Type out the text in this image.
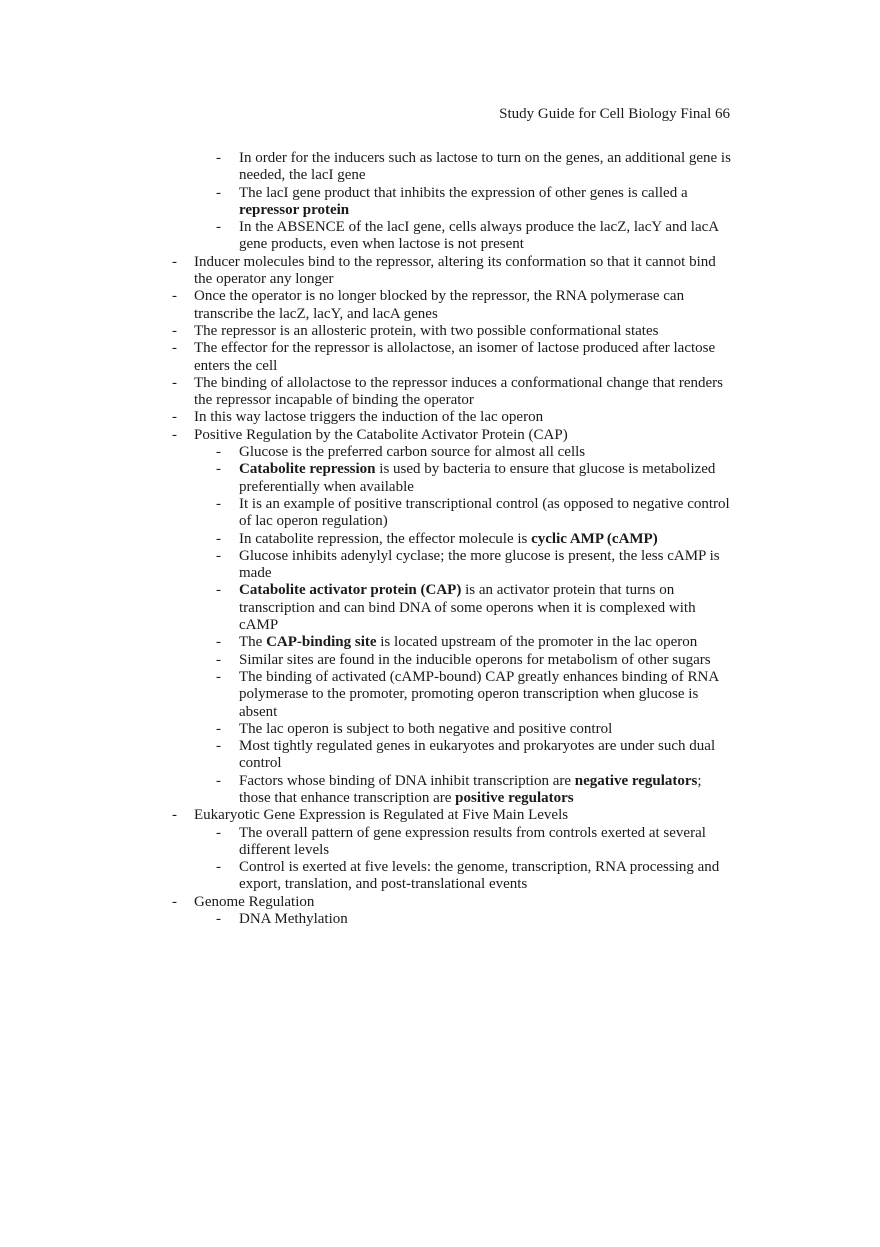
Study Guide for Cell Biology Final 66
- In order for the inducers such as lactose to turn on the genes, an additional gene is needed, the lacI gene
- The lacI gene product that inhibits the expression of other genes is called a repressor protein
- In the ABSENCE of the lacI gene, cells always produce the lacZ, lacY and lacA gene products, even when lactose is not present
- Inducer molecules bind to the repressor, altering its conformation so that it cannot bind the operator any longer
- Once the operator is no longer blocked by the repressor, the RNA polymerase can transcribe the lacZ, lacY, and lacA genes
- The repressor is an allosteric protein, with two possible conformational states
- The effector for the repressor is allolactose, an isomer of lactose produced after lactose enters the cell
- The binding of allolactose to the repressor induces a conformational change that renders the repressor incapable of binding the operator
- In this way lactose triggers the induction of the lac operon
- Positive Regulation by the Catabolite Activator Protein (CAP)
- Glucose is the preferred carbon source for almost all cells
- Catabolite repression is used by bacteria to ensure that glucose is metabolized preferentially when available
- It is an example of positive transcriptional control (as opposed to negative control of lac operon regulation)
- In catabolite repression, the effector molecule is cyclic AMP (cAMP)
- Glucose inhibits adenylyl cyclase; the more glucose is present, the less cAMP is made
- Catabolite activator protein (CAP) is an activator protein that turns on transcription and can bind DNA of some operons when it is complexed with cAMP
- The CAP-binding site is located upstream of the promoter in the lac operon
- Similar sites are found in the inducible operons for metabolism of other sugars
- The binding of activated (cAMP-bound) CAP greatly enhances binding of RNA polymerase to the promoter, promoting operon transcription when glucose is absent
- The lac operon is subject to both negative and positive control
- Most tightly regulated genes in eukaryotes and prokaryotes are under such dual control
- Factors whose binding of DNA inhibit transcription are negative regulators; those that enhance transcription are positive regulators
- Eukaryotic Gene Expression is Regulated at Five Main Levels
- The overall pattern of gene expression results from controls exerted at several different levels
- Control is exerted at five levels: the genome, transcription, RNA processing and export, translation, and post-translational events
- Genome Regulation
- DNA Methylation
